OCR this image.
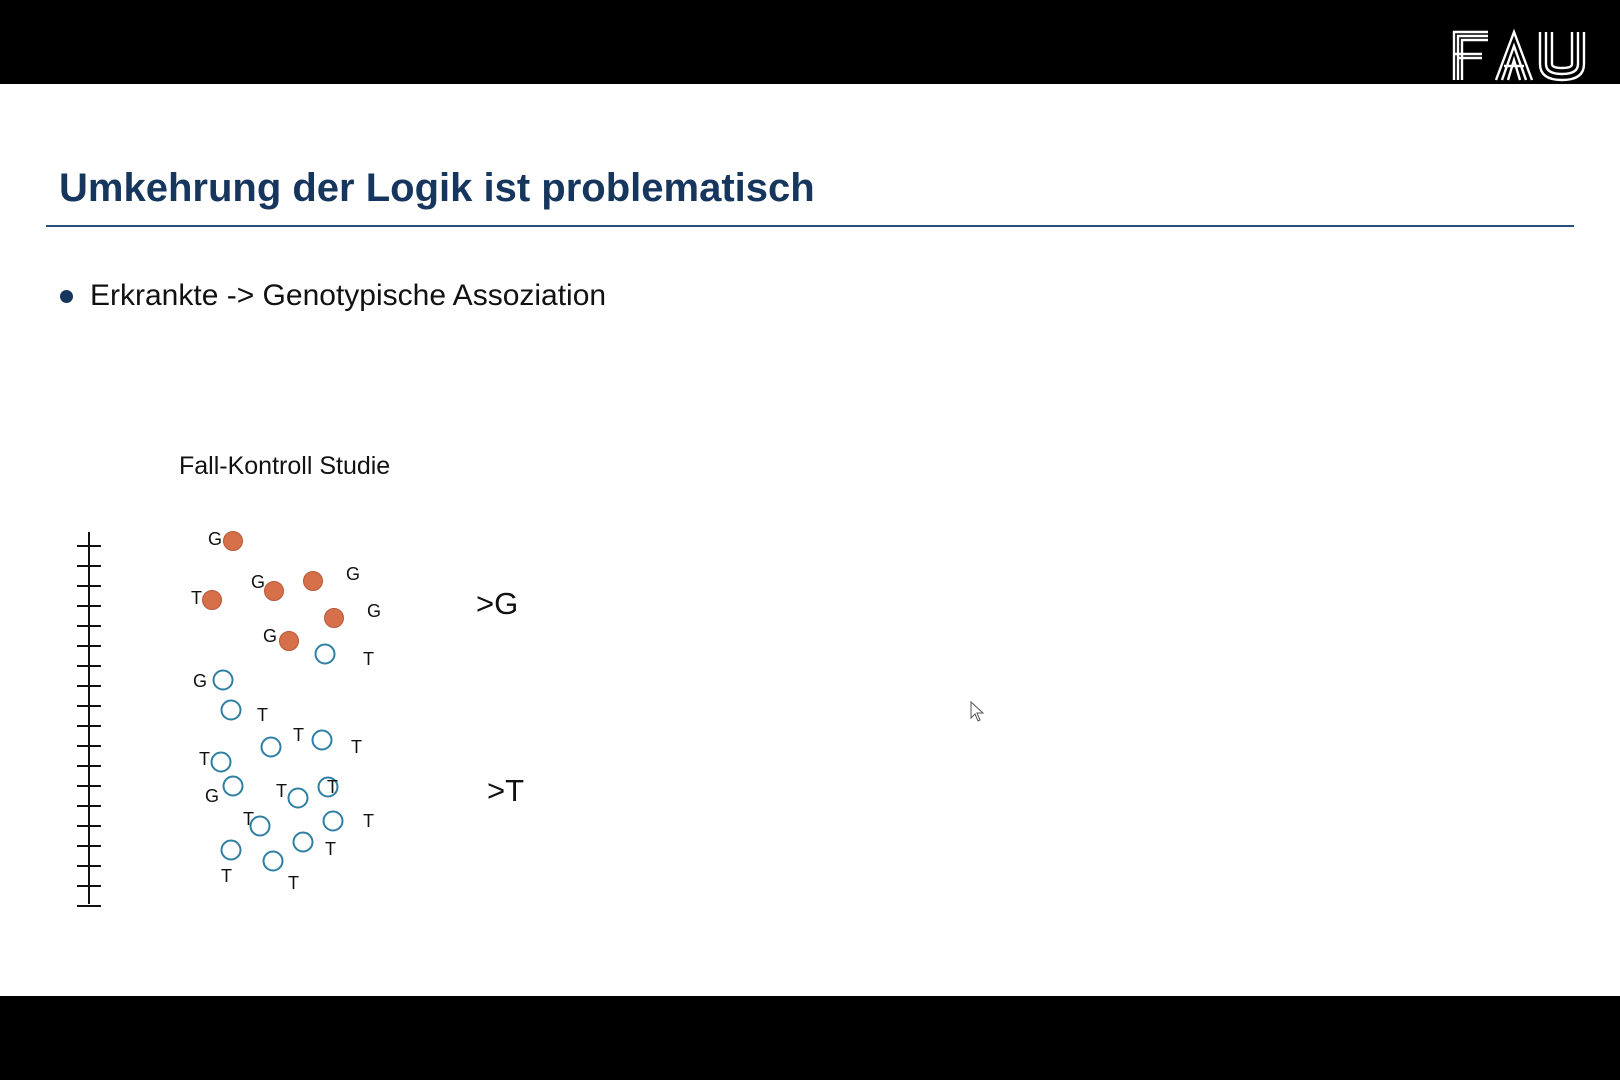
Umkehrung der Logik ist problematisch
Erkrankte -> Genotypische Assoziation
Fall-Kontroll Studie
G
T
G	G
G
G
T
G
T
T
T
T
G	T T
T	T
T
T
T
>G
>T
